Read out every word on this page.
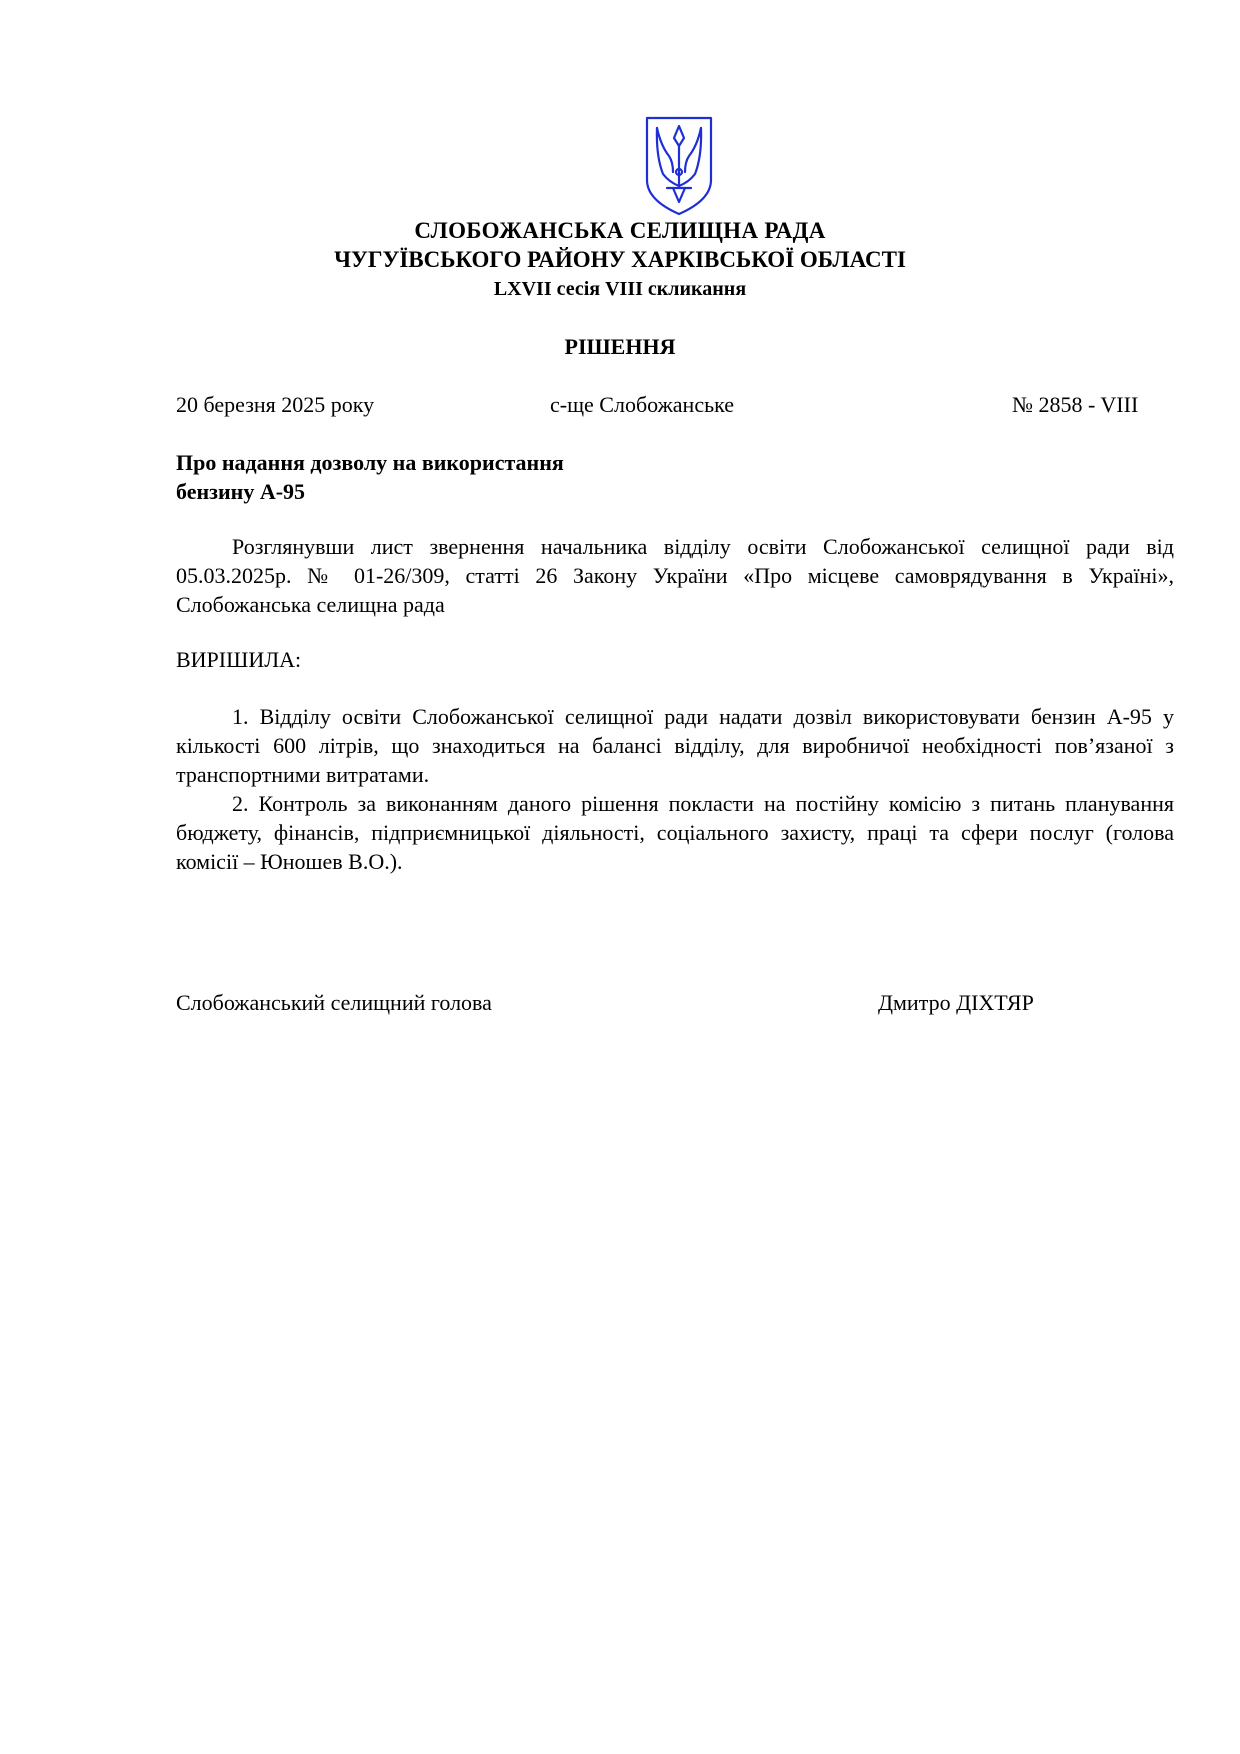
СЛОБОЖАНСЬКА СЕЛИЩНА РАДА
ЧУГУЇВСЬКОГО РАЙОНУ ХАРКІВСЬКОЇ ОБЛАСТІ
LXVII сесія VIII скликання
РІШЕННЯ
20 березня 2025 року	с-ще Слобожанське	№ 2858 - VIII
Про надання дозволу на використання
бензину А-95
Розглянувши лист звернення начальника відділу освіти Слобожанської селищної ради від 05.03.2025р. № 01-26/309, статті 26 Закону України «Про місцеве самоврядування в Україні», Слобожанська селищна рада
ВИРІШИЛА:
1. Відділу освіти Слобожанської селищної ради надати дозвіл використовувати бензин А-95 у кількості 600 літрів, що знаходиться на балансі відділу, для виробничої необхідності пов’язаної з транспортними витратами.
2. Контроль за виконанням даного рішення покласти на постійну комісію з питань планування бюджету, фінансів, підприємницької діяльності, соціального захисту, праці та сфери послуг (голова комісії – Юношев В.О.).
Слобожанський селищний голова	Дмитро ДІХТЯР
